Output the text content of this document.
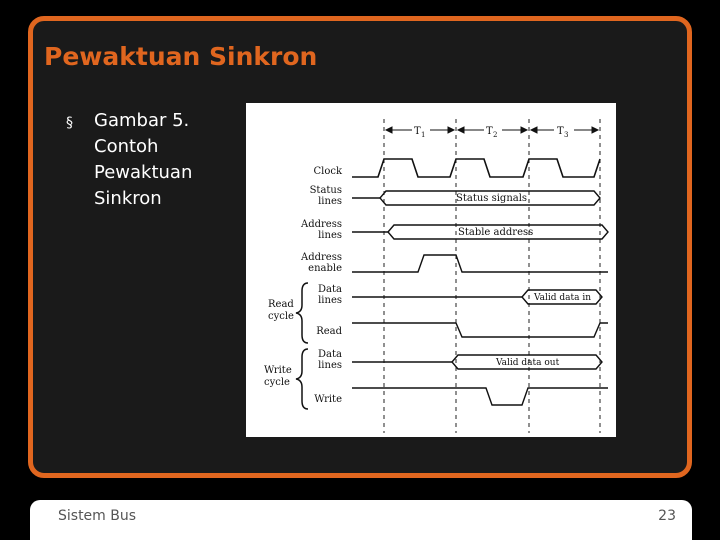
Pewaktuan Sinkron
§	Gambar 5. Contoh Pewaktuan Sinkron
T 1	T 2	T 3
Clock
Status
lines
Address
lines
Address
enable
Data
lines
Read
Data
lines
Write
Read
cycle
Write
cycle
Status signals
Stable address
Valid data in
Valid data out
Sistem Bus	23
